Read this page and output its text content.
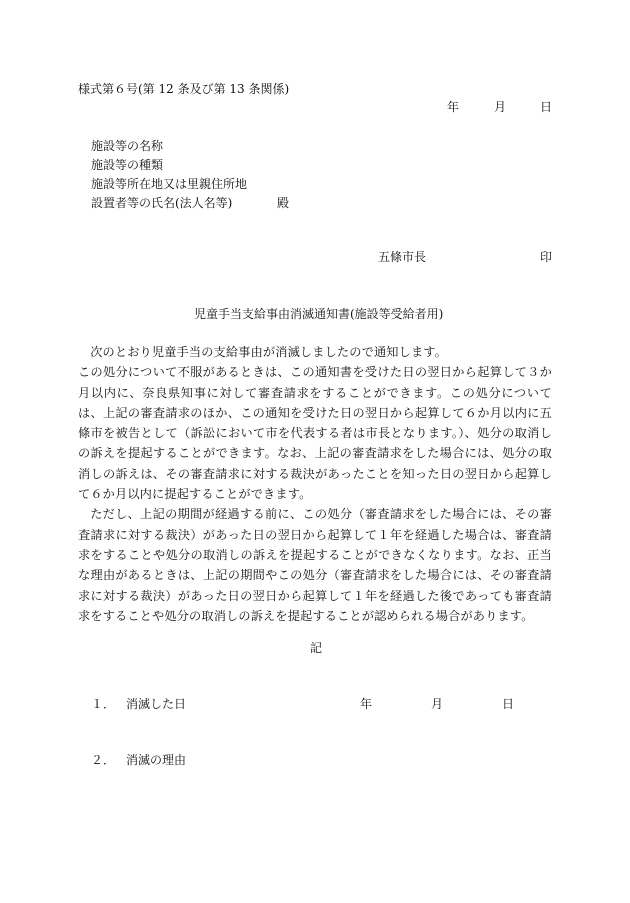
様式第６号(第 12 条及び第 13 条関係)
年	月	日
施設等の名称
施設等の種類
施設等所在地又は里親住所地
設置者等の氏名(法人名等)	殿
五條市長	印
児童手当支給事由消滅通知書(施設等受給者用)

次のとおり児童手当の支給事由が消滅しましたので通知します。

この処分について不服があるときは、この通知書を受けた日の翌日から起算して３か月以内に、奈良県知事に対して審査請求をすることができます。この処分については、上記の審査請求のほか、この通知を受けた日の翌日から起算して６か月以内に五條市を被告として（訴訟において市を代表する者は市長となります。）、処分の取消しの訴えを提起することができます。なお、上記の審査請求をした場合には、処分の取消しの訴えは、その審査請求に対する裁決があったことを知った日の翌日から起算して６か月以内に提起することができます。

ただし、上記の期間が経過する前に、この処分（審査請求をした場合には、その審査請求に対する裁決）があった日の翌日から起算して１年を経過した場合は、審査請求をすることや処分の取消しの訴えを提起することができなくなります。なお、正当な理由があるときは、上記の期間やこの処分（審査請求をした場合には、その審査請求に対する裁決）があった日の翌日から起算して１年を経過した後であっても審査請求をすることや処分の取消しの訴えを提起することが認められる場合があります。

記
１． 消滅した日	年	月	日
２． 消滅の理由
